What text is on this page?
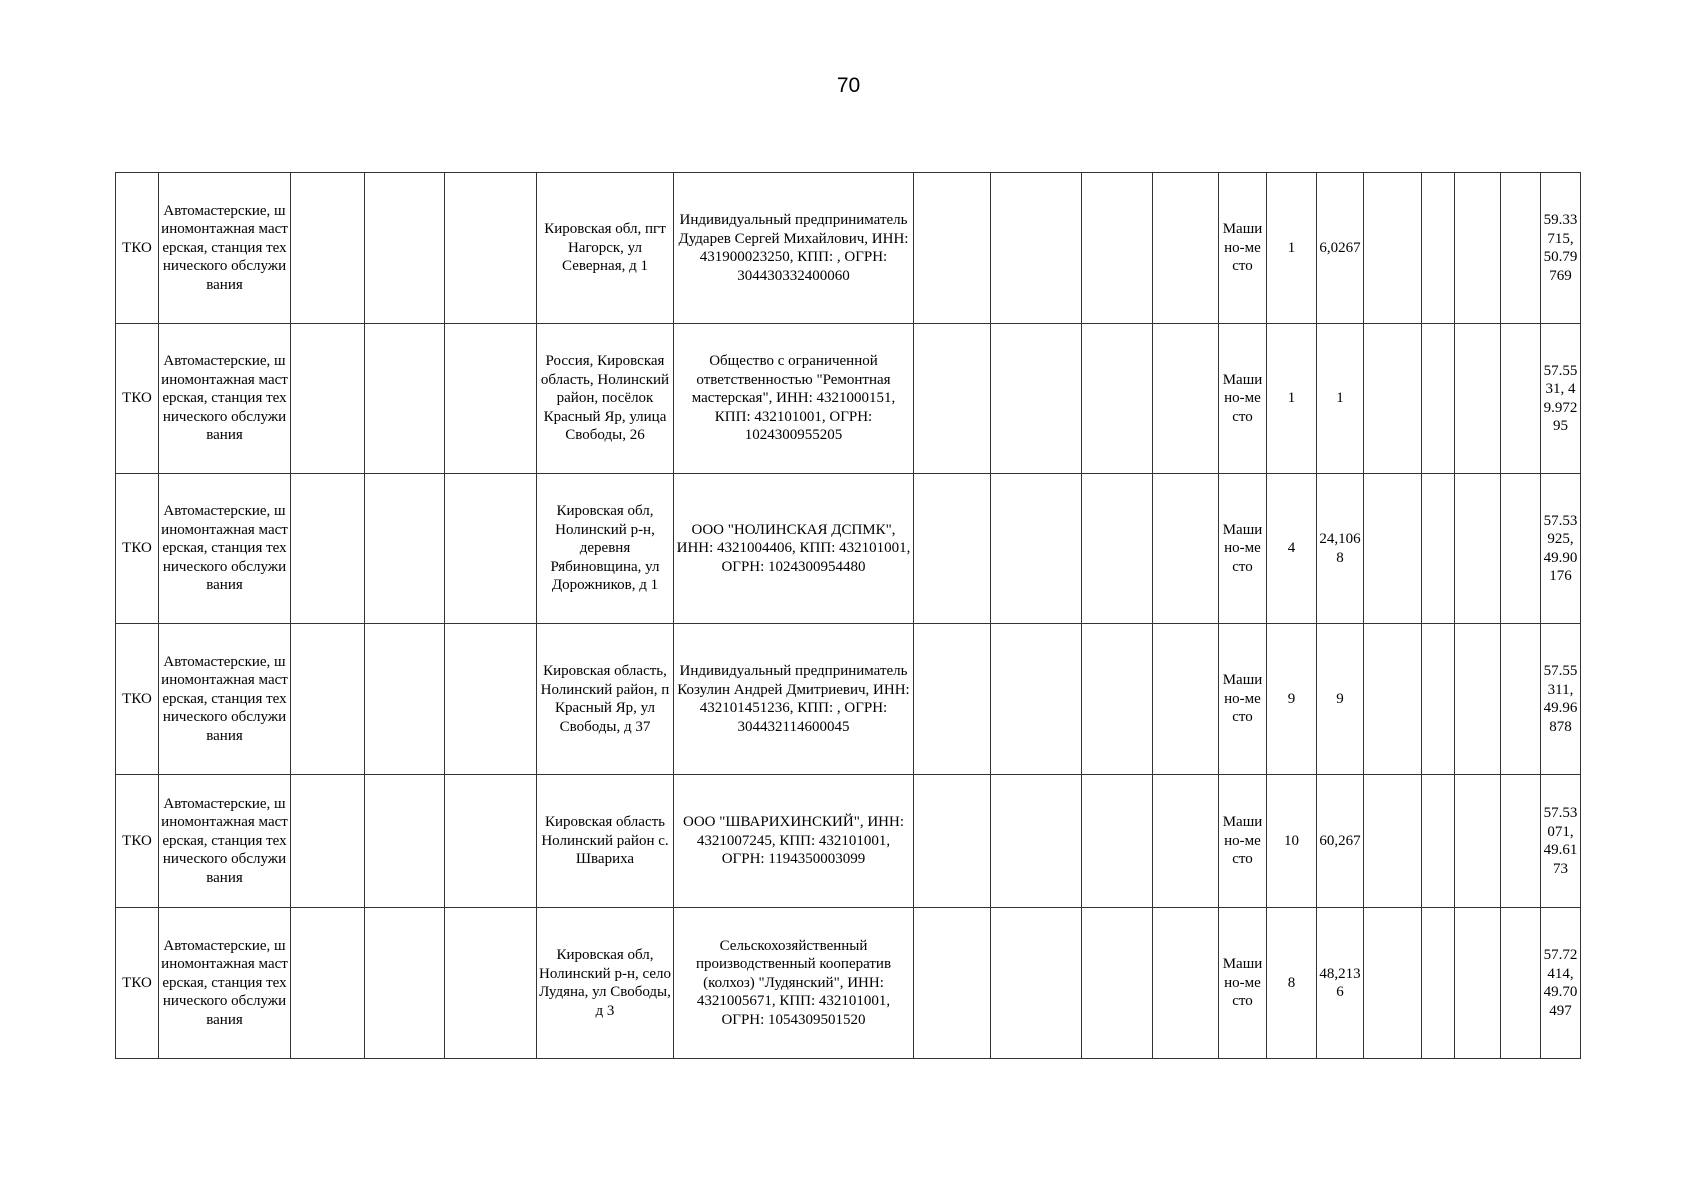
70
ТКО	Автомастерские, шиномонтажная мастерская, станция технического обслуживания				Кировская обл, пгт Нагорск, ул Северная, д 1	Индивидуальный предприниматель Дударев Сергей Михайлович, ИНН: 431900023250, КПП: , ОГРН: 304430332400060					Машино-место	1	6,0267					59.33715, 50.79769
ТКО	Автомастерские, шиномонтажная мастерская, станция технического обслуживания				Россия, Кировская область, Нолинский район, посёлок Красный Яр, улица Свободы, 26	Общество с ограниченной ответственностью "Ремонтная мастерская", ИНН: 4321000151, КПП: 432101001, ОГРН: 1024300955205					Машино-место	1	1					57.5531, 49.97295
ТКО	Автомастерские, шиномонтажная мастерская, станция технического обслуживания				Кировская обл, Нолинский р-н, деревня Рябиновщина, ул Дорожников, д 1	ООО "НОЛИНСКАЯ ДСПМК", ИНН: 4321004406, КПП: 432101001, ОГРН: 1024300954480					Машино-место	4	24,1068					57.53925, 49.90176
ТКО	Автомастерские, шиномонтажная мастерская, станция технического обслуживания				Кировская область, Нолинский район, п Красный Яр, ул Свободы, д 37	Индивидуальный предприниматель Козулин Андрей Дмитриевич, ИНН: 432101451236, КПП: , ОГРН: 304432114600045					Машино-место	9	9					57.55311, 49.96878
ТКО	Автомастерские, шиномонтажная мастерская, станция технического обслуживания				Кировская область Нолинский район с. Швариха	ООО "ШВАРИХИНСКИЙ", ИНН: 4321007245, КПП: 432101001, ОГРН: 1194350003099					Машино-место	10	60,267					57.53071, 49.6173
ТКО	Автомастерские, шиномонтажная мастерская, станция технического обслуживания				Кировская обл, Нолинский р-н, село Лудяна, ул Свободы, д 3	Сельскохозяйственный производственный кооператив (колхоз) "Лудянский", ИНН: 4321005671, КПП: 432101001, ОГРН: 1054309501520					Машино-место	8	48,2136					57.72414, 49.70497
